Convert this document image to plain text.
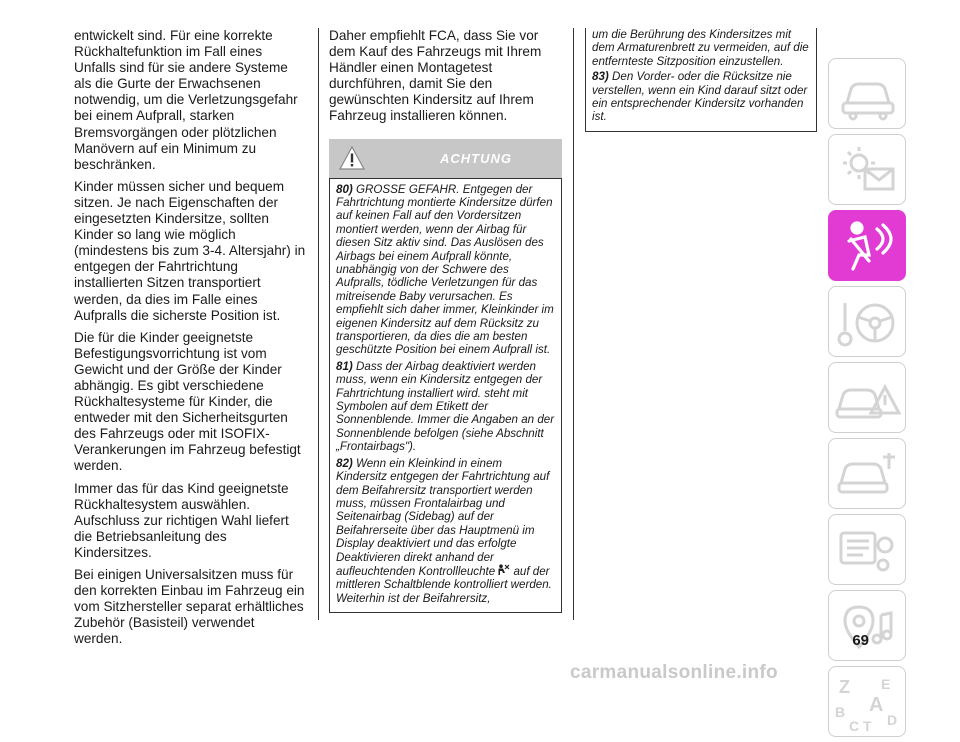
entwickelt sind. Für eine korrekte Rückhaltefunktion im Fall eines Unfalls sind für sie andere Systeme als die Gurte der Erwachsenen notwendig, um die Verletzungsgefahr bei einem Aufprall, starken Bremsvorgängen oder plötzlichen Manövern auf ein Minimum zu beschränken.

Kinder müssen sicher und bequem sitzen. Je nach Eigenschaften der eingesetzten Kindersitze, sollten Kinder so lang wie möglich (mindestens bis zum 3-4. Altersjahr) in entgegen der Fahrtrichtung installierten Sitzen transportiert werden, da dies im Falle eines Aufpralls die sicherste Position ist.

Die für die Kinder geeignetste Befestigungsvorrichtung ist vom Gewicht und der Größe der Kinder abhängig. Es gibt verschiedene Rückhaltesysteme für Kinder, die entweder mit den Sicherheitsgurten des Fahrzeugs oder mit ISOFIX-Verankerungen im Fahrzeug befestigt werden.

Immer das für das Kind geeignetste Rückhaltesystem auswählen. Aufschluss zur richtigen Wahl liefert die Betriebsanleitung des Kindersitzes.

Bei einigen Universalsitzen muss für den korrekten Einbau im Fahrzeug ein vom Sitzhersteller separat erhältliches Zubehör (Basisteil) verwendet werden.

Daher empfiehlt FCA, dass Sie vor dem Kauf des Fahrzeugs mit Ihrem Händler einen Montagetest durchführen, damit Sie den gewünschten Kindersitz auf Ihrem Fahrzeug installieren können.

ACHTUNG

80) GROSSE GEFAHR. Entgegen der Fahrtrichtung montierte Kindersitze dürfen auf keinen Fall auf den Vordersitzen montiert werden, wenn der Airbag für diesen Sitz aktiv sind. Das Auslösen des Airbags bei einem Aufprall könnte, unabhängig von der Schwere des Aufpralls, tödliche Verletzungen für das mitreisende Baby verursachen. Es empfiehlt sich daher immer, Kleinkinder im eigenen Kindersitz auf dem Rücksitz zu transportieren, da dies die am besten geschützte Position bei einem Aufprall ist.

81) Dass der Airbag deaktiviert werden muss, wenn ein Kindersitz entgegen der Fahrtrichtung installiert wird. steht mit Symbolen auf dem Etikett der Sonnenblende. Immer die Angaben an der Sonnenblende befolgen (siehe Abschnitt „Frontairbags").

82) Wenn ein Kleinkind in einem Kindersitz entgegen der Fahrtrichtung auf dem Beifahrersitz transportiert werden muss, müssen Frontalairbag und Seitenairbag (Sidebag) auf der Beifahrerseite über das Hauptmenü im Display deaktiviert und das erfolgte Deaktivieren direkt anhand der aufleuchtenden Kontrollleuchte auf der mittleren Schaltblende kontrolliert werden. Weiterhin ist der Beifahrersitz,

um die Berührung des Kindersitzes mit dem Armaturenbrett zu vermeiden, auf die entfernteste Sitzposition einzustellen.

83) Den Vorder- oder die Rücksitze nie verstellen, wenn ein Kind darauf sitzt oder ein entsprechender Kindersitz vorhanden ist.

Z E
A
B
C T D
69
carmanualsonline.info
